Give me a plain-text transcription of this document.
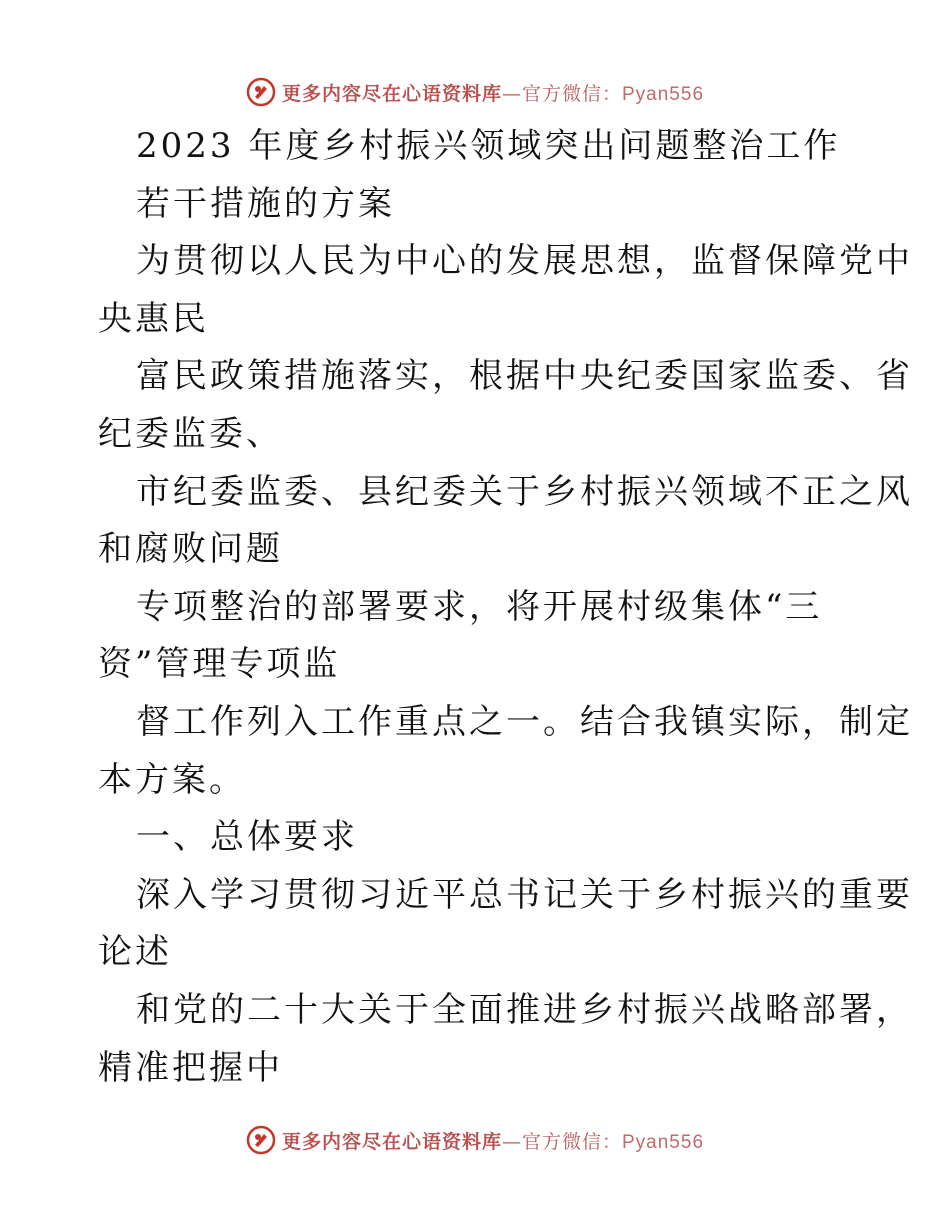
更多内容尽在心语资料库—官方微信：Pyan556
2023 年度乡村振兴领域突出问题整治工作
若干措施的方案
为贯彻以人民为中心的发展思想，监督保障党中
央惠民
富民政策措施落实，根据中央纪委国家监委、省
纪委监委、
市纪委监委、县纪委关于乡村振兴领域不正之风
和腐败问题
专项整治的部署要求，将开展村级集体“三
资”管理专项监
督工作列入工作重点之一。结合我镇实际，制定
本方案。
一、总体要求
深入学习贯彻习近平总书记关于乡村振兴的重要
论述
和党的二十大关于全面推进乡村振兴战略部署，
精准把握中
更多内容尽在心语资料库—官方微信：Pyan556
